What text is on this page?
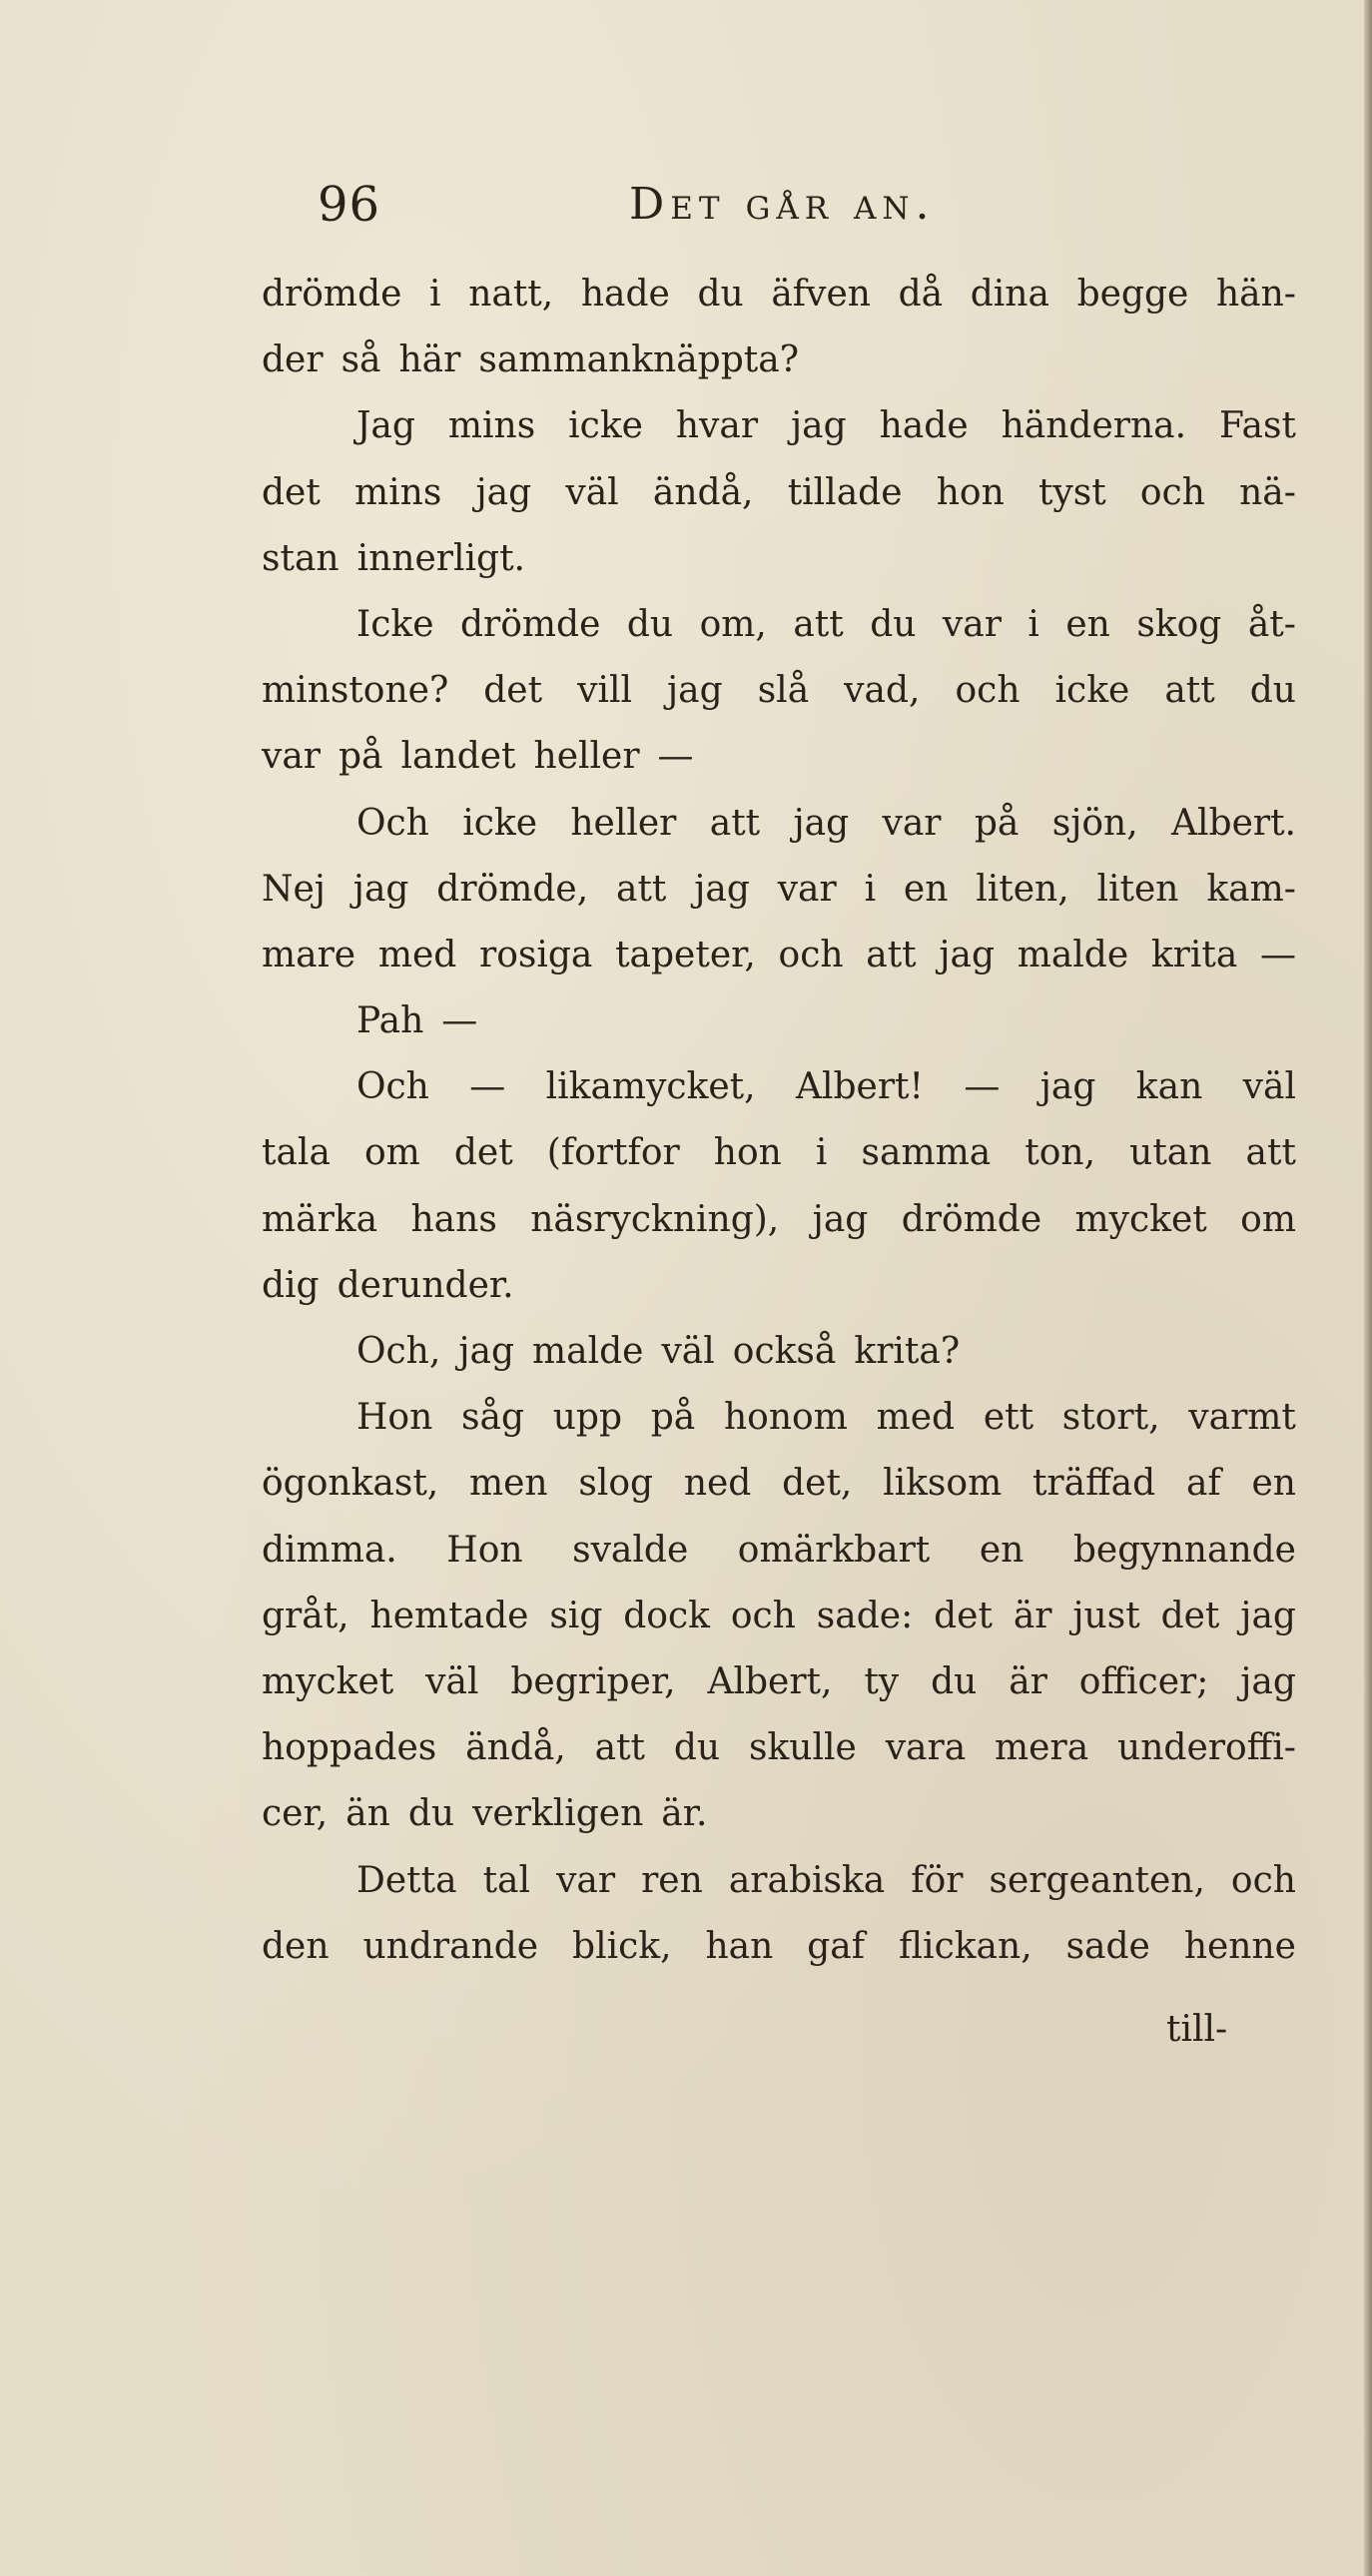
96	Det går an.
drömde i natt, hade du äfven då dina begge hän-
der så här sammanknäppta?
Jag mins icke hvar jag hade händerna. Fast
det mins jag väl ändå, tillade hon tyst och nä-
stan innerligt.
Icke drömde du om, att du var i en skog åt-
minstone? det vill jag slå vad, och icke att du
var på landet heller —
Och icke heller att jag var på sjön, Albert.
Nej jag drömde, att jag var i en liten, liten kam-
mare med rosiga tapeter, och att jag malde krita —
Pah —
Och — likamycket, Albert! — jag kan väl
tala om det (fortfor hon i samma ton, utan att
märka hans näsryckning), jag drömde mycket om
dig derunder.
Och, jag malde väl också krita?
Hon såg upp på honom med ett stort, varmt
ögonkast, men slog ned det, liksom träffad af en
dimma. Hon svalde omärkbart en begynnande
gråt, hemtade sig dock och sade: det är just det jag
mycket väl begriper, Albert, ty du är officer; jag
hoppades ändå, att du skulle vara mera underoffi-
cer, än du verkligen är.
Detta tal var ren arabiska för sergeanten, och
den undrande blick, han gaf flickan, sade henne
till-
